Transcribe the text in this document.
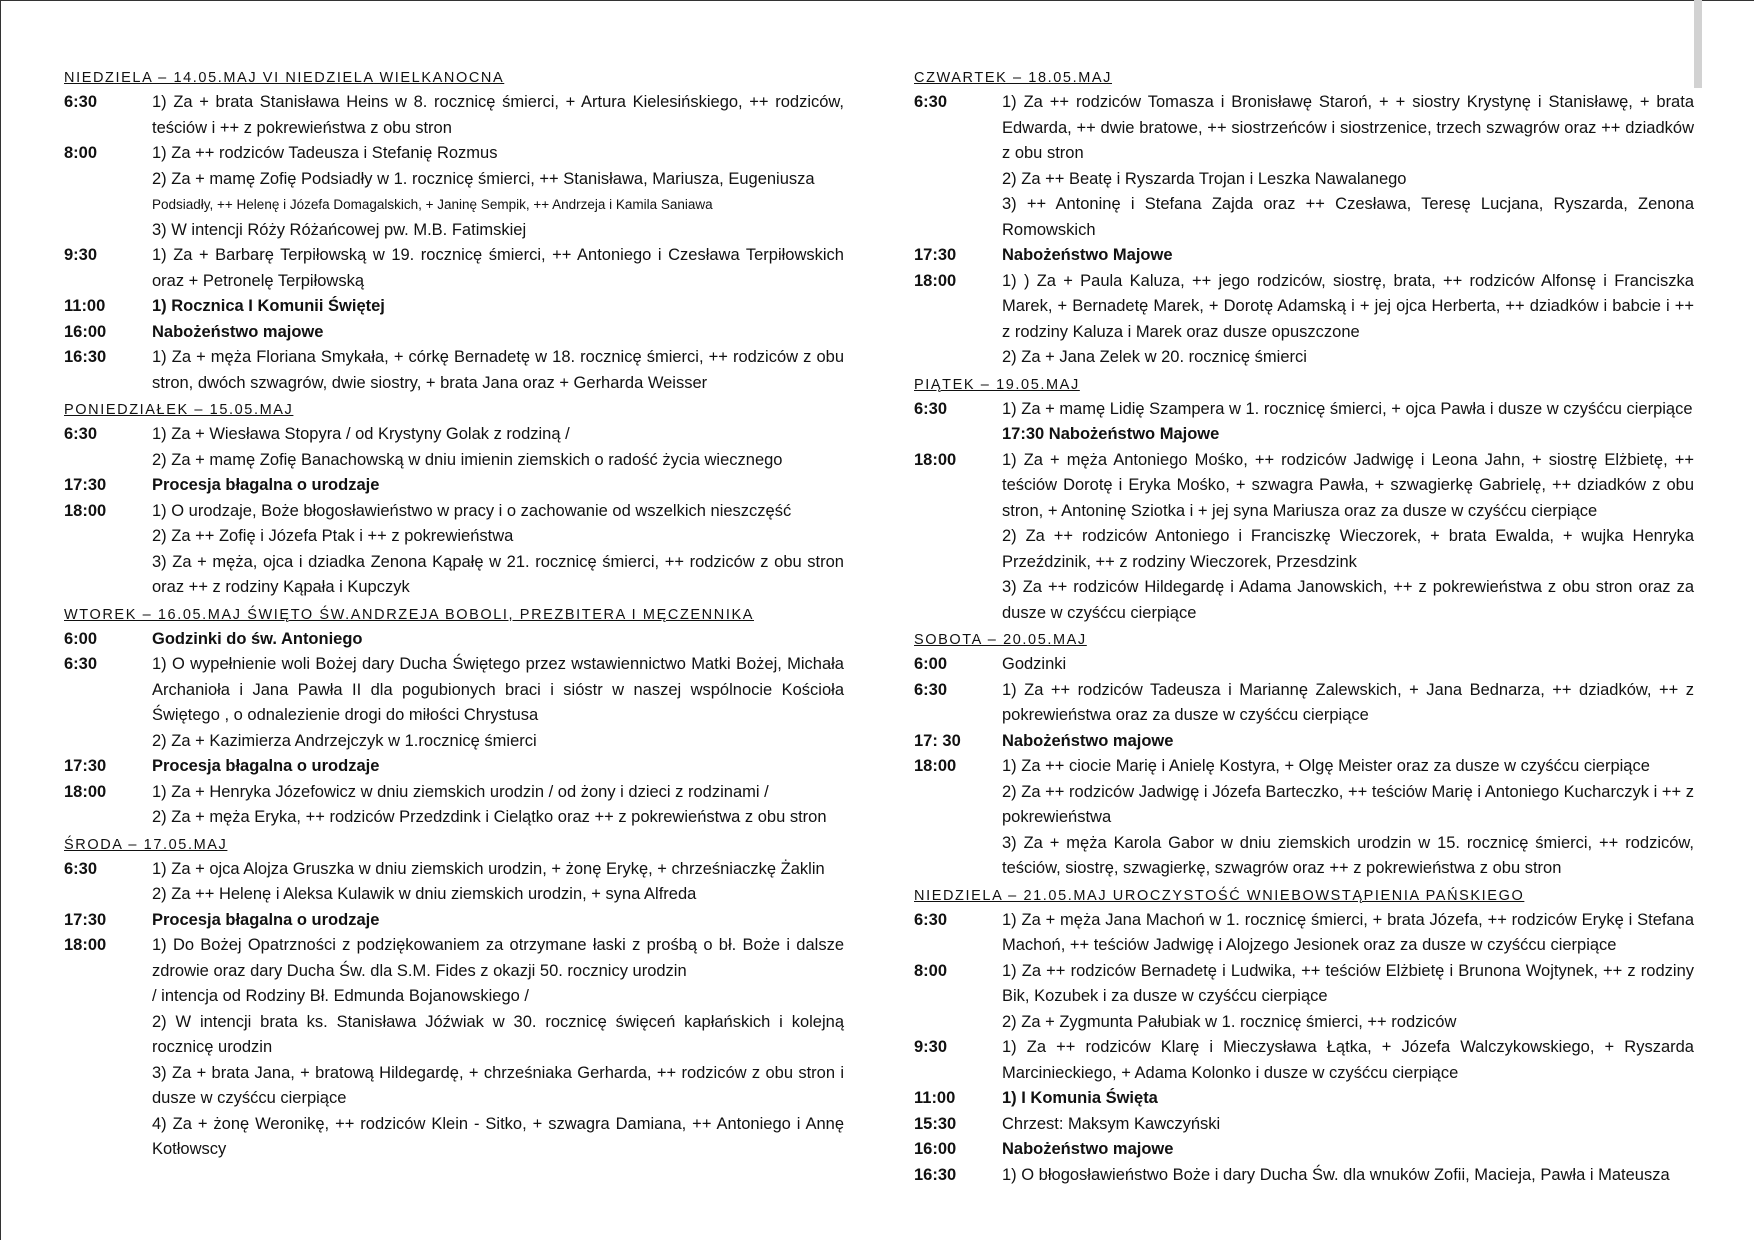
NIEDZIELA – 14.05.MAJ VI NIEDZIELA WIELKANOCNA
6:30	1) Za + brata Stanisława Heins w 8. rocznicę śmierci, + Artura Kielesińskiego, ++ rodziców, teściów i ++ z pokrewieństwa z obu stron
8:00	1) Za ++ rodziców Tadeusza i Stefanię Rozmus
2) Za + mamę Zofię Podsiadły w 1. rocznicę śmierci, ++ Stanisława, Mariusza, Eugeniusza
Podsiadły, ++ Helenę i Józefa Domagalskich, + Janinę Sempik, ++ Andrzeja i Kamila Saniawa
3) W intencji Róży Różańcowej pw. M.B. Fatimskiej
9:30	1) Za + Barbarę Terpiłowską w 19. rocznicę śmierci, ++ Antoniego i Czesława Terpiłowskich oraz + Petronelę Terpiłowską
11:00	1) Rocznica I Komunii Świętej
16:00	Nabożeństwo majowe
16:30	1) Za + męża Floriana Smykała, + córkę Bernadetę w 18. rocznicę śmierci, ++ rodziców z obu stron, dwóch szwagrów, dwie siostry, + brata Jana oraz + Gerharda Weisser
PONIEDZIAŁEK – 15.05.MAJ
6:30	1) Za + Wiesława Stopyra / od Krystyny Golak z rodziną /
2) Za + mamę Zofię Banachowską w dniu imienin ziemskich o radość życia wiecznego
17:30	Procesja błagalna o urodzaje
18:00	1) O urodzaje, Boże błogosławieństwo w pracy i o zachowanie od wszelkich nieszczęść
2) Za ++ Zofię i Józefa Ptak i ++ z pokrewieństwa
3) Za + męża, ojca i dziadka Zenona Kąpałę w 21. rocznicę śmierci, ++ rodziców z obu stron oraz ++ z rodziny Kąpała i Kupczyk
WTOREK – 16.05.MAJ ŚWIĘTO ŚW.ANDRZEJA BOBOLI, PREZBITERA I MĘCZENNIKA
6:00	Godzinki do św. Antoniego
6:30	1) O wypełnienie woli Bożej dary Ducha Świętego przez wstawiennictwo Matki Bożej, Michała Archanioła i Jana Pawła II dla pogubionych braci i sióstr w naszej wspólnocie Kościoła Świętego , o odnalezienie drogi do miłości Chrystusa
2) Za + Kazimierza Andrzejczyk w 1.rocznicę śmierci
17:30	Procesja błagalna o urodzaje
18:00	1) Za + Henryka Józefowicz w dniu ziemskich urodzin / od żony i dzieci z rodzinami /
2) Za + męża Eryka, ++ rodziców Przedzdink i Cielątko oraz ++ z pokrewieństwa z obu stron
ŚRODA – 17.05.MAJ
6:30	1) Za + ojca Alojza Gruszka w dniu ziemskich urodzin, + żonę Erykę, + chrześniaczkę Żaklin
2) Za ++ Helenę i Aleksa Kulawik w dniu ziemskich urodzin, + syna Alfreda
17:30	Procesja błagalna o urodzaje
18:00	1) Do Bożej Opatrzności z podziękowaniem za otrzymane łaski z prośbą o bł. Boże i dalsze zdrowie oraz dary Ducha Św. dla S.M. Fides z okazji 50. rocznicy urodzin
/ intencja od Rodziny Bł. Edmunda Bojanowskiego /
2) W intencji brata ks. Stanisława Jóźwiak w 30. rocznicę święceń kapłańskich i kolejną rocznicę urodzin
3) Za + brata Jana, + bratową Hildegardę, + chrześniaka Gerharda, ++ rodziców z obu stron i dusze w czyśćcu cierpiące
4) Za + żonę Weronikę, ++ rodziców Klein - Sitko, + szwagra Damiana, ++ Antoniego i Annę Kotłowscy
CZWARTEK – 18.05.MAJ
6:30	1) Za ++ rodziców Tomasza i Bronisławę Staroń, + + siostry Krystynę i Stanisławę, + brata Edwarda, ++ dwie bratowe, ++ siostrzeńców i siostrzenice, trzech szwagrów oraz ++ dziadków z obu stron
2) Za ++ Beatę i Ryszarda Trojan i Leszka Nawalanego
3) ++ Antoninę i Stefana Zajda oraz ++ Czesława, Teresę Lucjana, Ryszarda, Zenona Romowskich
17:30	Nabożeństwo Majowe
18:00	1) ) Za + Paula Kaluza, ++ jego rodziców, siostrę, brata, ++ rodziców Alfonsę i Franciszka Marek, + Bernadetę Marek, + Dorotę Adamską i + jej ojca Herberta, ++ dziadków i babcie i ++ z rodziny Kaluza i Marek oraz dusze opuszczone
2) Za + Jana Zelek w 20. rocznicę śmierci
PIĄTEK – 19.05.MAJ
6:30	1) Za + mamę Lidię Szampera w 1. rocznicę śmierci, + ojca Pawła i dusze w czyśćcu cierpiące
17:30 Nabożeństwo Majowe
18:00	1) Za + męża Antoniego Mośko, ++ rodziców Jadwigę i Leona Jahn, + siostrę Elżbietę, ++ teściów Dorotę i Eryka Mośko, + szwagra Pawła, + szwagierkę Gabrielę, ++ dziadków z obu stron, + Antoninę Sziotka i + jej syna Mariusza oraz za dusze w czyśćcu cierpiące
2) Za ++ rodziców Antoniego i Franciszkę Wieczorek, + brata Ewalda, + wujka Henryka Przeździnik, ++ z rodziny Wieczorek, Przesdzink
3) Za ++ rodziców Hildegardę i Adama Janowskich, ++ z pokrewieństwa z obu stron oraz za dusze w czyśćcu cierpiące
SOBOTA – 20.05.MAJ
6:00	Godzinki
6:30	1) Za ++ rodziców Tadeusza i Mariannę Zalewskich, + Jana Bednarza, ++ dziadków, ++ z pokrewieństwa oraz za dusze w czyśćcu cierpiące
17: 30	Nabożeństwo majowe
18:00	1) Za ++ ciocie Marię i Anielę Kostyra, + Olgę Meister oraz za dusze w czyśćcu cierpiące
2) Za ++ rodziców Jadwigę i Józefa Barteczko, ++ teściów Marię i Antoniego Kucharczyk i ++ z pokrewieństwa
3) Za + męża Karola Gabor w dniu ziemskich urodzin w 15. rocznicę śmierci, ++ rodziców, teściów, siostrę, szwagierkę, szwagrów oraz ++ z pokrewieństwa z obu stron
NIEDZIELA – 21.05.MAJ UROCZYSTOŚĆ WNIEBOWSTĄPIENIA PAŃSKIEGO
6:30	1) Za + męża Jana Machoń w 1. rocznicę śmierci, + brata Józefa, ++ rodziców Erykę i Stefana Machoń, ++ teściów Jadwigę i Alojzego Jesionek oraz za dusze w czyśćcu cierpiące
8:00	1) Za ++ rodziców Bernadetę i Ludwika, ++ teściów Elżbietę i Brunona Wojtynek, ++ z rodziny Bik, Kozubek i za dusze w czyśćcu cierpiące
2) Za + Zygmunta Pałubiak w 1. rocznicę śmierci, ++ rodziców
9:30	1) Za ++ rodziców Klarę i Mieczysława Łątka, + Józefa Walczykowskiego, + Ryszarda Marcinieckiego, + Adama Kolonko i dusze w czyśćcu cierpiące
11:00	1) I Komunia Święta
15:30	Chrzest: Maksym Kawczyński
16:00	Nabożeństwo majowe
16:30	1) O błogosławieństwo Boże i dary Ducha Św. dla wnuków Zofii, Macieja, Pawła i Mateusza
